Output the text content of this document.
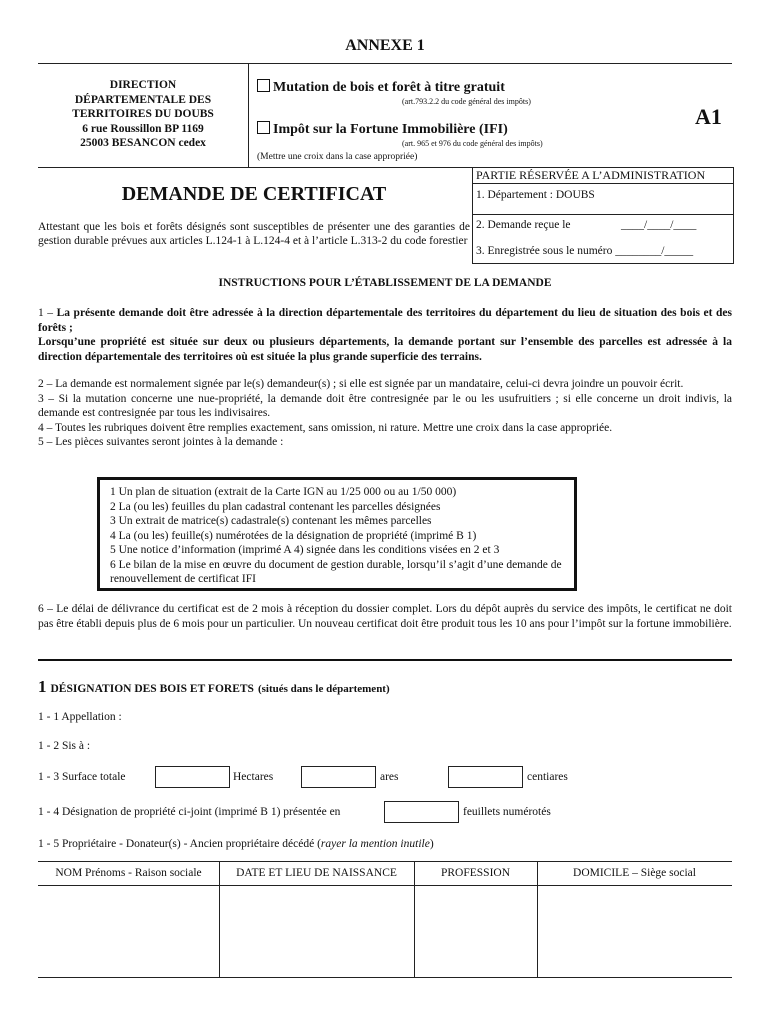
ANNEXE 1
DIRECTION
DÉPARTEMENTALE DES
TERRITOIRES DU DOUBS
6 rue Roussillon BP 1169
25003 BESANCON cedex
Mutation de bois et forêt à titre gratuit
(art.793.2.2 du code général des impôts)
Impôt sur la Fortune Immobilière (IFI)
(art. 965 et 976 du code général des impôts)
(Mettre une croix dans la case appropriée)
A1
PARTIE RÉSERVÉE A L’ADMINISTRATION
1. Département : DOUBS
2. Demande reçue le	____/____/____
3. Enregistrée sous le numéro ________/_____
DEMANDE DE CERTIFICAT
Attestant que les bois et forêts désignés sont susceptibles de présenter une des garanties de gestion durable prévues aux articles L.124-1 à L.124-4 et à l’article L.313-2 du code forestier
INSTRUCTIONS POUR L’ÉTABLISSEMENT DE LA DEMANDE
1 – La présente demande doit être adressée à la direction départementale des territoires du département du lieu de situation des bois et des forêts ;
Lorsqu’une propriété est située sur deux ou plusieurs départements, la demande portant sur l’ensemble des parcelles est adressée à la direction départementale des territoires où est située la plus grande superficie des terrains.

2 – La demande est normalement signée par le(s) demandeur(s) ; si elle est signée par un mandataire, celui-ci devra joindre un pouvoir écrit.

3 – Si la mutation concerne une nue-propriété, la demande doit être contresignée par le ou les usufruitiers ; si elle concerne un droit indivis, la demande est contresignée par tous les indivisaires.

4 – Toutes les rubriques doivent être remplies exactement, sans omission, ni rature. Mettre une croix dans la case appropriée.

5 – Les pièces suivantes seront jointes à la demande :

1 Un plan de situation (extrait de la Carte IGN au 1/25 000 ou au 1/50 000)
2 La (ou les) feuilles du plan cadastral contenant les parcelles désignées
3 Un extrait de matrice(s) cadastrale(s) contenant les mêmes parcelles
4 La (ou les) feuille(s) numérotées de la désignation de propriété (imprimé B 1)
5 Une notice d’information (imprimé A 4) signée dans les conditions visées en 2 et 3
6 Le bilan de la mise en œuvre du document de gestion durable, lorsqu’il s’agit d’une demande de renouvellement de certificat IFI
6 – Le délai de délivrance du certificat est de 2 mois à réception du dossier complet. Lors du dépôt auprès du service des impôts, le certificat ne doit pas être établi depuis plus de 6 mois pour un particulier. Un nouveau certificat doit être produit tous les 10 ans pour l’impôt sur la fortune immobilière.
1 DÉSIGNATION DES BOIS ET FORETS (situés dans le département)
1 - 1 Appellation :
1 - 2 Sis à :
1 - 3 Surface totale	Hectares	ares	centiares
1 - 4 Désignation de propriété ci-joint (imprimé B 1) présentée en	feuillets numérotés
1 - 5 Propriétaire - Donateur(s) - Ancien propriétaire décédé (rayer la mention inutile)
NOM Prénoms - Raison sociale	DATE ET LIEU DE NAISSANCE	PROFESSION	DOMICILE – Siège social
